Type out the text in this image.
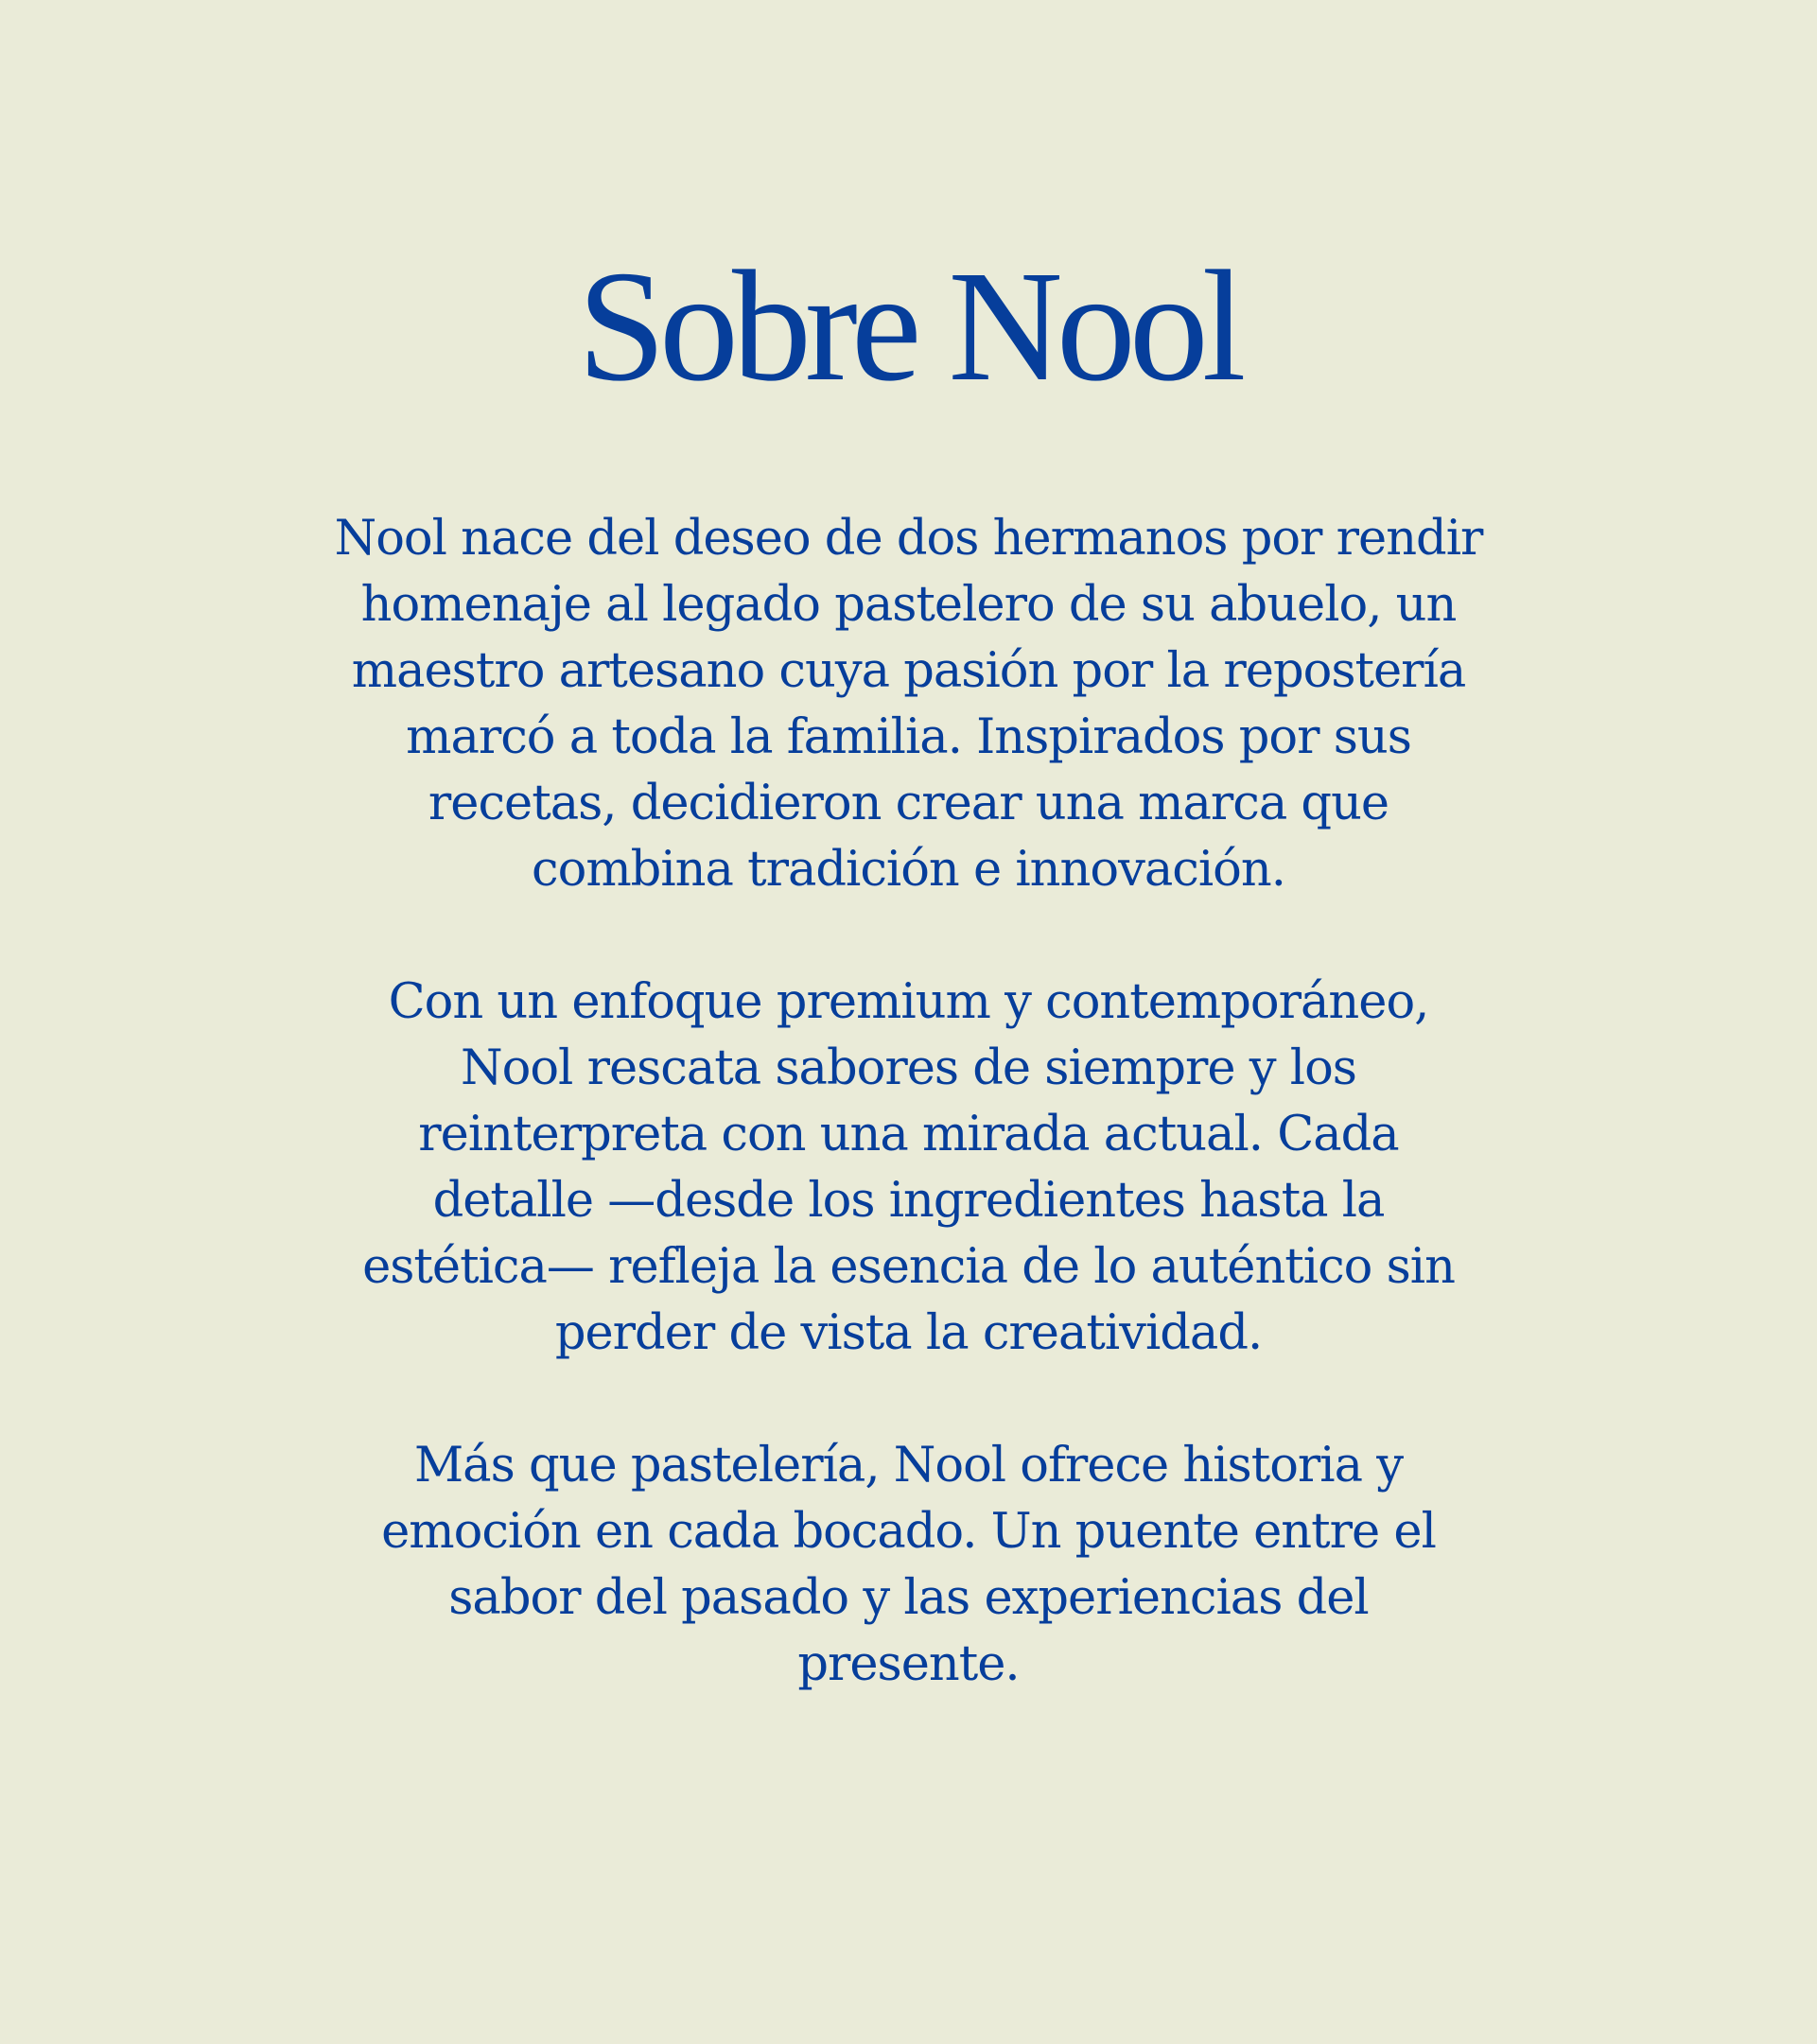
Sobre Nool

Nool nace del deseo de dos hermanos por rendir
homenaje al legado pastelero de su abuelo, un
maestro artesano cuya pasión por la repostería
marcó a toda la familia. Inspirados por sus
recetas, decidieron crear una marca que
combina tradición e innovación.

Con un enfoque premium y contemporáneo,
Nool rescata sabores de siempre y los
reinterpreta con una mirada actual. Cada
detalle —desde los ingredientes hasta la
estética— refleja la esencia de lo auténtico sin
perder de vista la creatividad.

Más que pastelería, Nool ofrece historia y
emoción en cada bocado. Un puente entre el
sabor del pasado y las experiencias del
presente.
